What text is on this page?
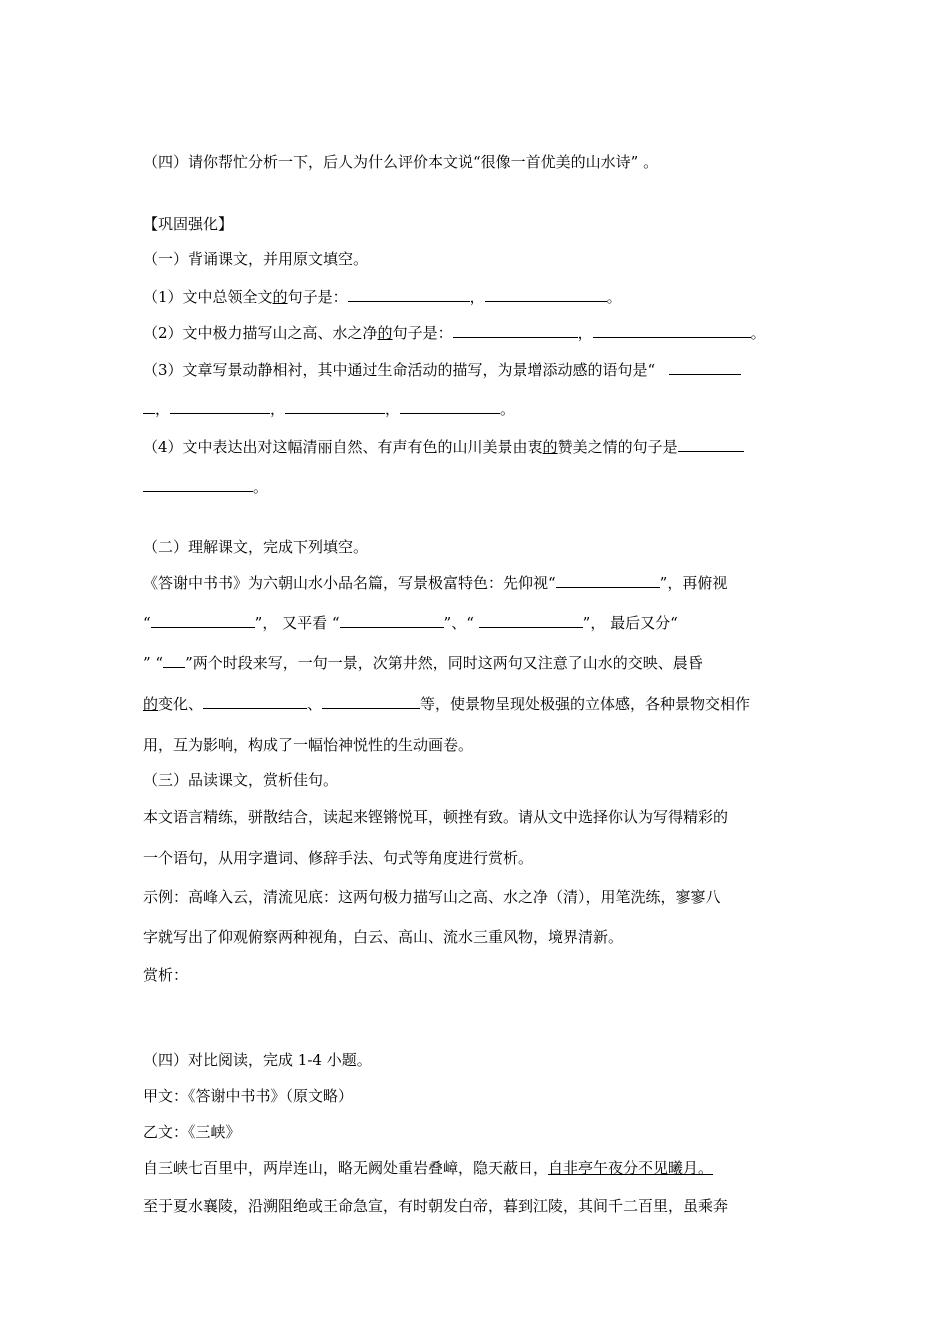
（四）请你帮忙分析一下，后人为什么评价本文说“很像一首优美的山水诗” 。
【巩固强化】
（一）背诵课文，并用原文填空。
（1）文中总领全文的句子是：	，	。
（2）文中极力描写山之高、水之净的句子是：	，	。
（3）文章写景动静相衬，其中通过生命活动的描写，为景增添动感的语句是“
，	，	，	。
（4）文中表达出对这幅清丽自然、有声有色的山川美景由衷的赞美之情的句子是
。
（二）理解课文，完成下列填空。
《答谢中书书》为六朝山水小品名篇，写景极富特色：先仰视“	”，再俯视
“	”， 又平看 “	”、“	”， 最后又分“
” “ ”两个时段来写，一句一景，次第井然，同时这两句又注意了山水的交映、晨昏
的变化、	、	等，使景物呈现处极强的立体感，各种景物交相作
用，互为影响，构成了一幅怡神悦性的生动画卷。
（三）品读课文，赏析佳句。
本文语言精练，骈散结合，读起来铿锵悦耳，顿挫有致。请从文中选择你认为写得精彩的
一个语句，从用字遣词、修辞手法、句式等角度进行赏析。
示例：高峰入云，清流见底：这两句极力描写山之高、水之净（清），用笔洗练，寥寥八
字就写出了仰观俯察两种视角，白云、高山、流水三重风物，境界清新。
赏析：
（四）对比阅读，完成 1-4 小题。
甲文：《答谢中书书》（原文略）
乙文：《三峡》
自三峡七百里中，两岸连山，略无阙处重岩叠嶂，隐天蔽日，自非亭午夜分不见曦月。
至于夏水襄陵，沿溯阻绝或王命急宣，有时朝发白帝，暮到江陵，其间千二百里，虽乘奔
